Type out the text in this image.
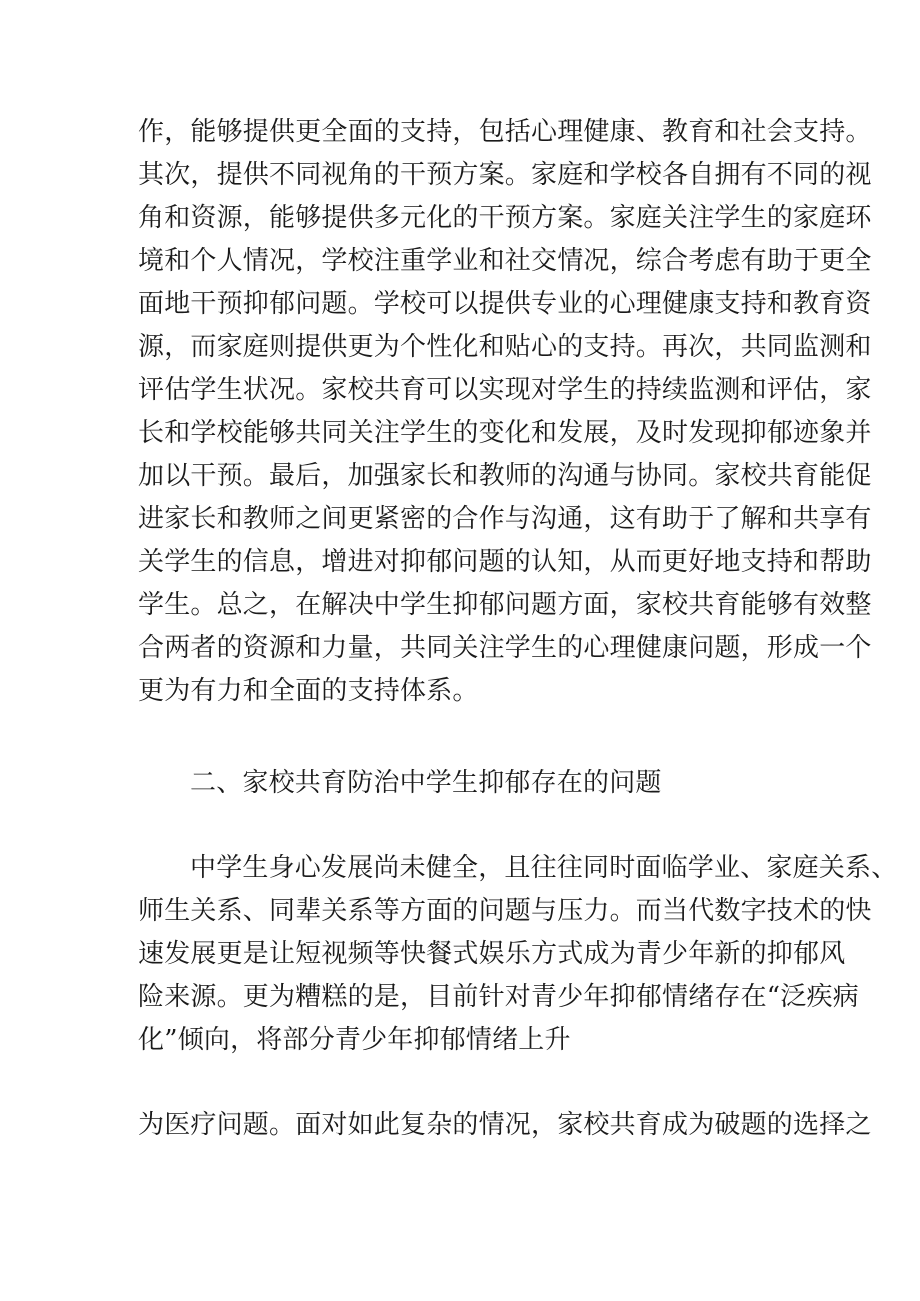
作，能够提供更全面的支持，包括心理健康、教育和社会支持。
其次，提供不同视角的干预方案。家庭和学校各自拥有不同的视
角和资源，能够提供多元化的干预方案。家庭关注学生的家庭环
境和个人情况，学校注重学业和社交情况，综合考虑有助于更全
面地干预抑郁问题。学校可以提供专业的心理健康支持和教育资
源，而家庭则提供更为个性化和贴心的支持。再次，共同监测和
评估学生状况。家校共育可以实现对学生的持续监测和评估，家
长和学校能够共同关注学生的变化和发展，及时发现抑郁迹象并
加以干预。最后，加强家长和教师的沟通与协同。家校共育能促
进家长和教师之间更紧密的合作与沟通，这有助于了解和共享有
关学生的信息，增进对抑郁问题的认知，从而更好地支持和帮助
学生。总之，在解决中学生抑郁问题方面，家校共育能够有效整
合两者的资源和力量，共同关注学生的心理健康问题，形成一个
更为有力和全面的支持体系。
二、家校共育防治中学生抑郁存在的问题
中学生身心发展尚未健全，且往往同时面临学业、家庭关系、
师生关系、同辈关系等方面的问题与压力。而当代数字技术的快
速发展更是让短视频等快餐式娱乐方式成为青少年新的抑郁风
险来源。更为糟糕的是，目前针对青少年抑郁情绪存在“泛疾病
化”倾向，将部分青少年抑郁情绪上升
为医疗问题。面对如此复杂的情况，家校共育成为破题的选择之
